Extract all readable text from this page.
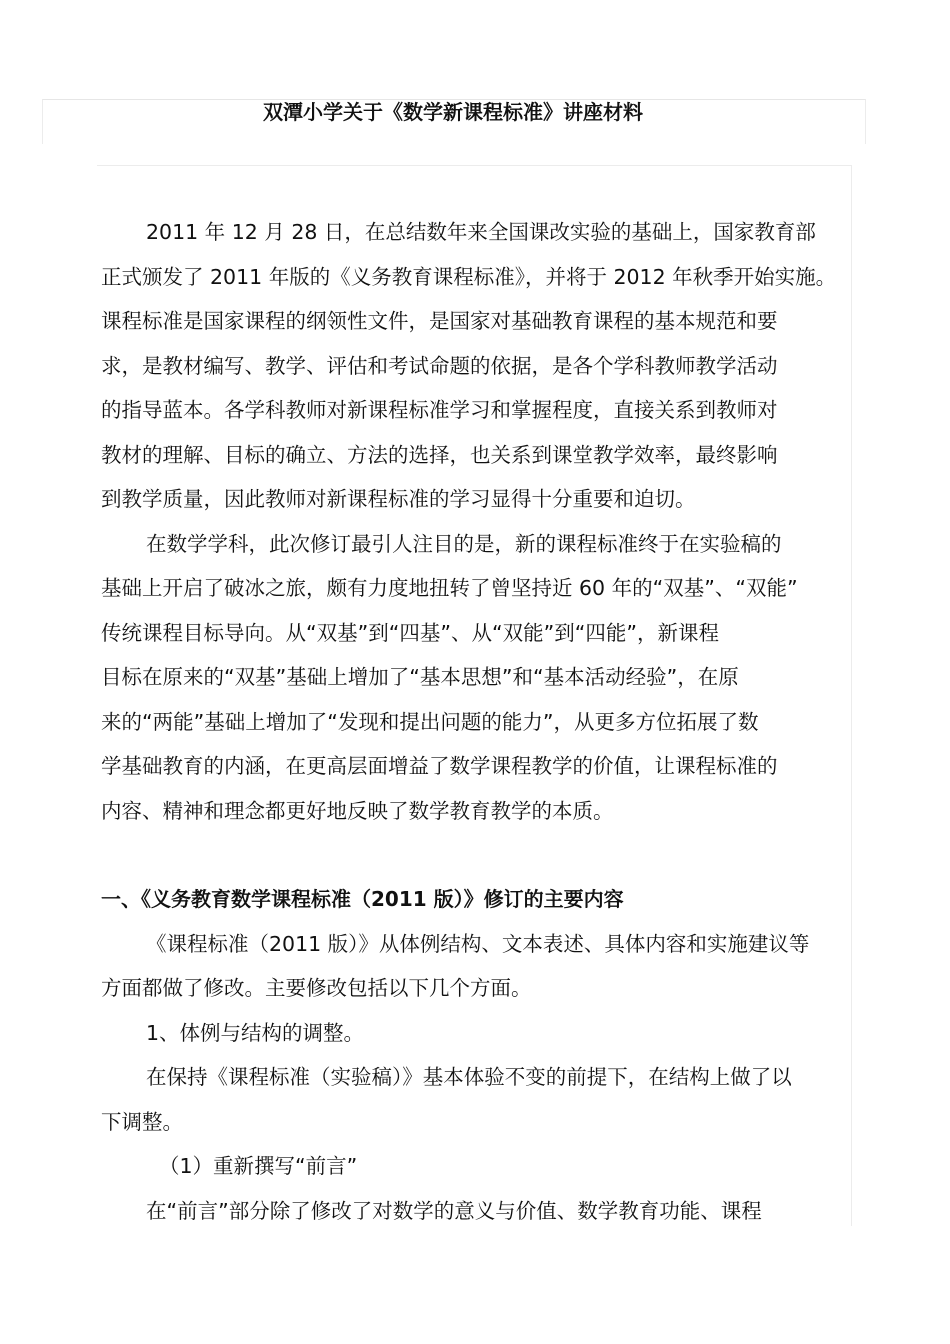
双潭小学关于《数学新课程标准》讲座材料

2011 年 12 月 28 日，在总结数年来全国课改实验的基础上，国家教育部
正式颁发了 2011 年版的《义务教育课程标准》，并将于 2012 年秋季开始实施。
课程标准是国家课程的纲领性文件，是国家对基础教育课程的基本规范和要
求，是教材编写、教学、评估和考试命题的依据，是各个学科教师教学活动
的指导蓝本。各学科教师对新课程标准学习和掌握程度，直接关系到教师对
教材的理解、目标的确立、方法的选择，也关系到课堂教学效率，最终影响
到教学质量，因此教师对新课程标准的学习显得十分重要和迫切。

在数学学科，此次修订最引人注目的是，新的课程标准终于在实验稿的
基础上开启了破冰之旅，颇有力度地扭转了曾坚持近 60 年的“双基”、“双能”
传统课程目标导向。从“双基”到“四基”、从“双能”到“四能”，新课程
目标在原来的“双基”基础上增加了“基本思想”和“基本活动经验”，在原
来的“两能”基础上增加了“发现和提出问题的能力”，从更多方位拓展了数
学基础教育的内涵，在更高层面增益了数学课程教学的价值，让课程标准的
内容、精神和理念都更好地反映了数学教育教学的本质。

一、《义务教育数学课程标准（2011 版）》修订的主要内容

《课程标准（2011 版）》从体例结构、文本表述、具体内容和实施建议等
方面都做了修改。主要修改包括以下几个方面。

1、体例与结构的调整。

在保持《课程标准（实验稿）》基本体验不变的前提下，在结构上做了以
下调整。

（1）重新撰写“前言”

在“前言”部分除了修改了对数学的意义与价值、数学教育功能、课程
